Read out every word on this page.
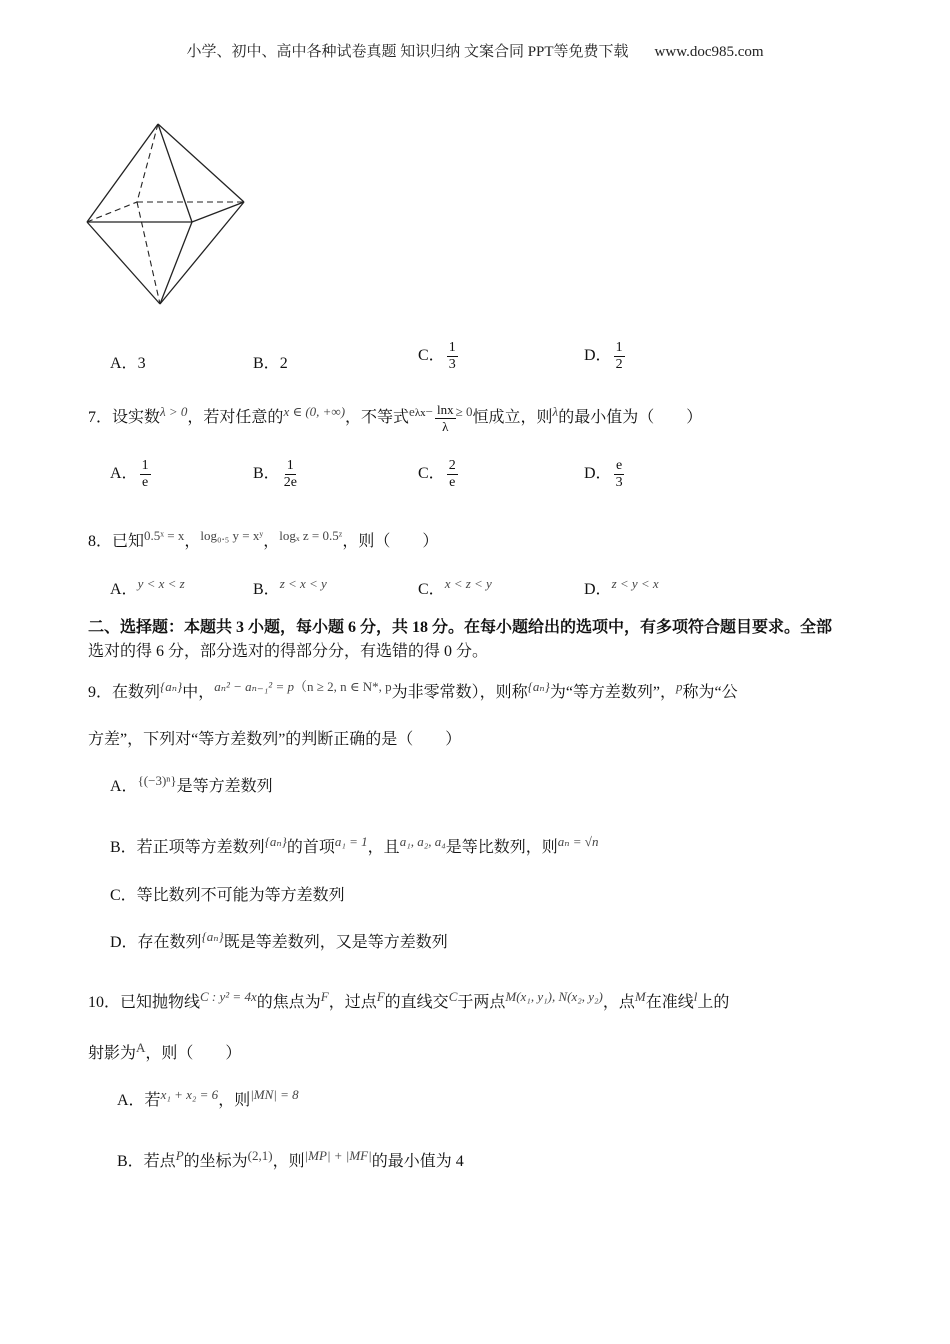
小学、初中、高中各种试卷真题 知识归纳 文案合同 PPT等免费下载 www.doc985.com
A．3	B．2	C． $\frac{1}{3}$	D． $\frac{1}{2}$
7．设实数$^{\lambda > 0}$，若对任意的$^{x \in (0, +\infty)}$，不等式$^{e\lambda x-} \frac{\ln x}{\lambda} ^{\ge 0}$恒成立，则$^\lambda$的最小值为（　　）
A． $\frac{1}{e}$	B． $\frac{1}{2e}$	C． $\frac{2}{e}$	D． $\frac{e}{3}$
8．已知$^{0.5ˣ = x}$，$^{log_0._5 y = xʸ}$，$^{log_x z = 0.5ᶻ}$，则（　　）
A．$^{y < x < z}$	B．$^{z < x < y}$	C．$^{x < z < y}$	D．$^{z < y < x}$
二、选择题：本题共 3 小题，每小题 6 分，共 18 分。在每小题给出的选项中，有多项符合题目要求。全部
选对的得 6 分，部分选对的得部分分，有选错的得 0 分。
9．在数列$^{\{a_n\}}$中，$^{a_n^2 - a_{n-1}^2 = p(n \ge 2, n \in N*, p}$为非零常数），则称$^{\{a_n\}}$为“等方差数列”，$^p$称为“公
方差”，下列对“等方差数列”的判断正确的是（　　）
A．$^{\{(-3)^n\}}$是等方差数列
B．若正项等方差数列$^{\{a_n\}}$的首项$^{a_1 = 1}$，且$^{a_1, a_2, a_4}$是等比数列，则$^{a_n = √n}$
C．等比数列不可能为等方差数列
D．存在数列$^{\{a_n\}}$既是等差数列，又是等方差数列
10．已知抛物线$^{C : y^2 = 4x}$的焦点为$^F$，过点$^F$的直线交$^C$于两点$^{M(x_1, y_1), N(x_2, y_2)}$，点$^M$在准线$^l$上的
射影为$^A$，则（　　）
A．若$^{x_1 + x_2 = 6}$，则$^{|MN| = 8}$
B．若点$^P$的坐标为$^{(2,1)}$，则$^{|MP| + |MF|}$的最小值为 4
